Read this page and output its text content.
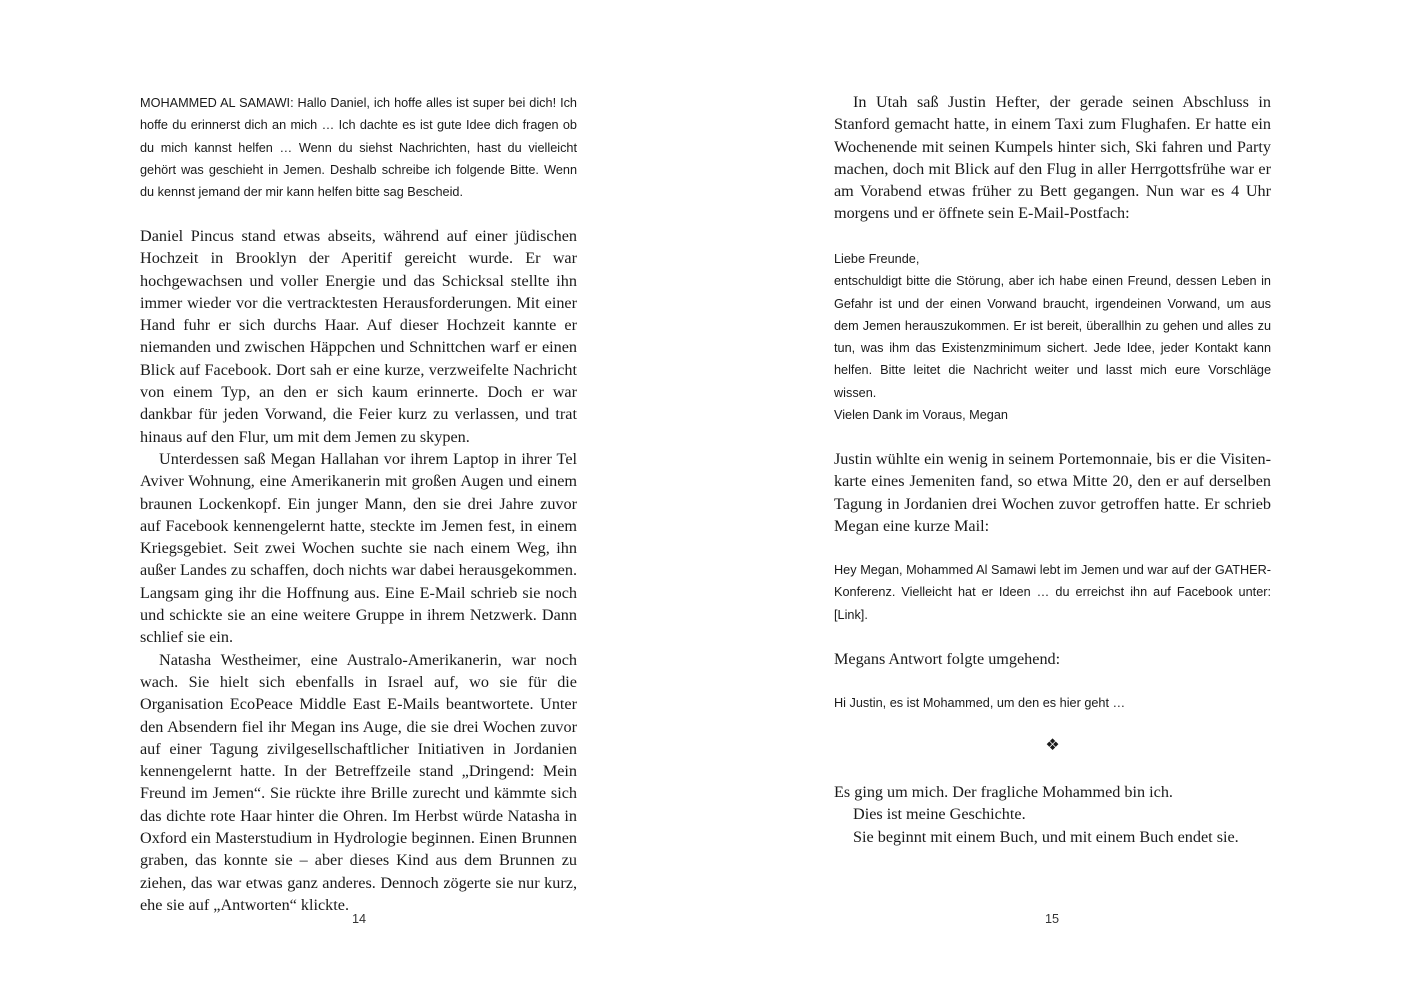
MOHAMMED AL SAMAWI: Hallo Daniel, ich hoffe alles ist super bei dich! Ich hoffe du erinnerst dich an mich … Ich dachte es ist gute Idee dich fragen ob du mich kannst helfen … Wenn du siehst Nachrichten, hast du vielleicht gehört was geschieht in Jemen. Deshalb schreibe ich folgende Bitte. Wenn du kennst jemand der mir kann helfen bitte sag Bescheid.

Daniel Pincus stand etwas abseits, während auf einer jüdischen Hochzeit in Brooklyn der Aperitif gereicht wurde. Er war hochgewachsen und voller Energie und das Schicksal stellte ihn immer wieder vor die vertracktesten Herausforderungen. Mit einer Hand fuhr er sich durchs Haar. Auf dieser Hochzeit kannte er niemanden und zwischen Häppchen und Schnittchen warf er einen Blick auf Facebook. Dort sah er eine kurze, verzweifelte Nachricht von einem Typ, an den er sich kaum erinnerte. Doch er war dankbar für jeden Vorwand, die Feier kurz zu verlassen, und trat hinaus auf den Flur, um mit dem Jemen zu skypen.

Unterdessen saß Megan Hallahan vor ihrem Laptop in ihrer Tel Aviver Wohnung, eine Amerikanerin mit großen Augen und einem braunen Lockenkopf. Ein junger Mann, den sie drei Jahre zuvor auf Facebook kennengelernt hatte, steckte im Jemen fest, in einem Kriegsgebiet. Seit zwei Wochen suchte sie nach einem Weg, ihn außer Landes zu schaffen, doch nichts war dabei herausgekommen. Langsam ging ihr die Hoffnung aus. Eine E-Mail schrieb sie noch und schickte sie an eine weitere Gruppe in ihrem Netzwerk. Dann schlief sie ein.

Natasha Westheimer, eine Australo-Amerikanerin, war noch wach. Sie hielt sich ebenfalls in Israel auf, wo sie für die Organisation EcoPeace Middle East E-Mails beantwortete. Unter den Absendern fiel ihr Megan ins Auge, die sie drei Wochen zuvor auf einer Tagung zivilgesellschaftlicher Initiativen in Jordanien kennengelernt hatte. In der Betreffzeile stand „Dringend: Mein Freund im Jemen“. Sie rückte ihre Brille zurecht und kämmte sich das dichte rote Haar hinter die Ohren. Im Herbst würde Natasha in Oxford ein Masterstudium in Hydrologie beginnen. Einen Brunnen graben, das konnte sie – aber dieses Kind aus dem Brunnen zu ziehen, das war etwas ganz anderes. Dennoch zögerte sie nur kurz, ehe sie auf „Antworten“ klickte.

14

In Utah saß Justin Hefter, der gerade seinen Abschluss in Stanford gemacht hatte, in einem Taxi zum Flughafen. Er hatte ein Wochenende mit seinen Kumpels hinter sich, Ski fahren und Party machen, doch mit Blick auf den Flug in aller Herrgottsfrühe war er am Vorabend etwas früher zu Bett gegangen. Nun war es 4 Uhr morgens und er öffnete sein E-Mail-Postfach:

Liebe Freunde,

entschuldigt bitte die Störung, aber ich habe einen Freund, dessen Leben in Gefahr ist und der einen Vorwand braucht, irgendeinen Vorwand, um aus dem Jemen herauszukommen. Er ist bereit, überallhin zu gehen und alles zu tun, was ihm das Existenzminimum sichert. Jede Idee, jeder Kontakt kann helfen. Bitte leitet die Nachricht weiter und lasst mich eure Vorschläge wissen.

Vielen Dank im Voraus, Megan

Justin wühlte ein wenig in seinem Portemonnaie, bis er die Visitenkarte eines Jemeniten fand, so etwa Mitte 20, den er auf derselben Tagung in Jordanien drei Wochen zuvor getroffen hatte. Er schrieb Megan eine kurze Mail:

Hey Megan, Mohammed Al Samawi lebt im Jemen und war auf der GATHER-Konferenz. Vielleicht hat er Ideen … du erreichst ihn auf Facebook unter: [Link].

Megans Antwort folgte umgehend:

Hi Justin, es ist Mohammed, um den es hier geht …

❖

Es ging um mich. Der fragliche Mohammed bin ich.

Dies ist meine Geschichte.

Sie beginnt mit einem Buch, und mit einem Buch endet sie.

15
